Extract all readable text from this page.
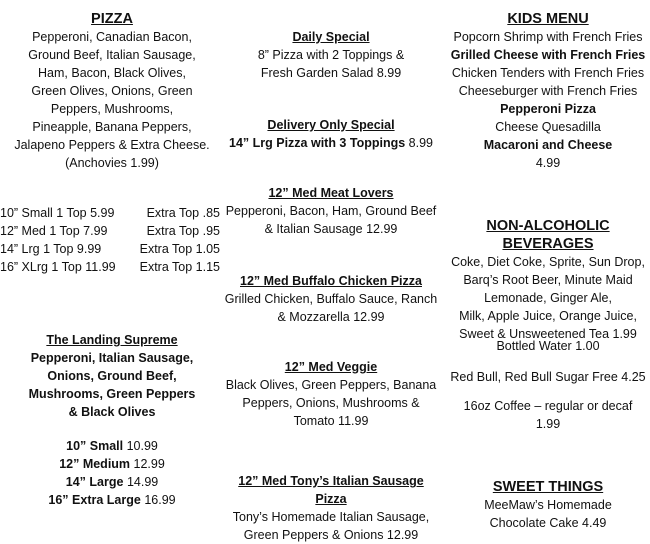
PIZZA
Pepperoni, Canadian Bacon,
Ground Beef, Italian Sausage,
Ham, Bacon, Black Olives,
Green Olives, Onions, Green
Peppers, Mushrooms,
Pineapple, Banana Peppers,
Jalapeno Peppers & Extra Cheese.
(Anchovies 1.99)
10” Small 1 Top 5.99	Extra Top .85
12” Med 1 Top 7.99	Extra Top .95
14” Lrg 1 Top 9.99	Extra Top 1.05
16” XLrg 1 Top 11.99 Extra Top 1.15
The Landing Supreme
Pepperoni, Italian Sausage,
Onions, Ground Beef,
Mushrooms, Green Peppers
& Black Olives
10” Small 10.99
12” Medium 12.99
14” Large 14.99
16” Extra Large 16.99
Daily Special
8” Pizza with 2 Toppings &
Fresh Garden Salad 8.99
Delivery Only Special
14” Lrg Pizza with 3 Toppings 8.99
12” Med Meat Lovers
Pepperoni, Bacon, Ham, Ground Beef
& Italian Sausage 12.99
12” Med Buffalo Chicken Pizza
Grilled Chicken, Buffalo Sauce, Ranch
& Mozzarella 12.99
12” Med Veggie
Black Olives, Green Peppers, Banana
Peppers, Onions, Mushrooms &
Tomato 11.99
12” Med Tony’s Italian Sausage Pizza
Tony’s Homemade Italian Sausage,
Green Peppers & Onions 12.99
KIDS MENU
Popcorn Shrimp with French Fries
Grilled Cheese with French Fries
Chicken Tenders with French Fries
Cheeseburger with French Fries
Pepperoni Pizza
Cheese Quesadilla
Macaroni and Cheese
4.99
NON-ALCOHOLIC BEVERAGES
Coke, Diet Coke, Sprite, Sun Drop,
Barq’s Root Beer, Minute Maid
Lemonade, Ginger Ale,
Milk, Apple Juice, Orange Juice,
Sweet & Unsweetened Tea 1.99
Bottled Water 1.00
Red Bull, Red Bull Sugar Free 4.25
16oz Coffee – regular or decaf
1.99
SWEET THINGS
MeeMaw’s Homemade
Chocolate Cake 4.49
